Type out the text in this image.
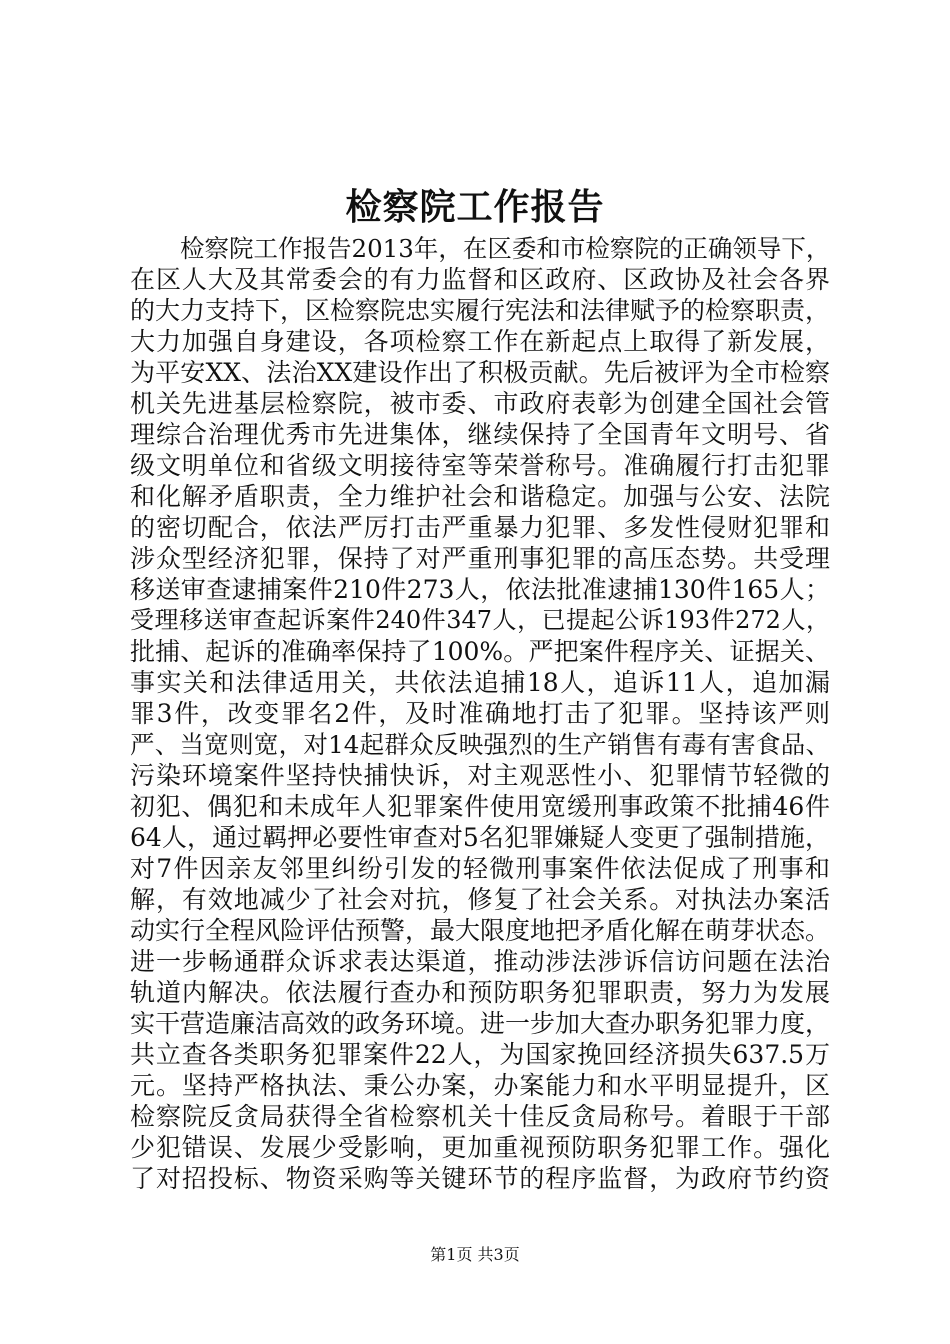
检察院工作报告
检察院工作报告2013年，在区委和市检察院的正确领导下，
在区人大及其常委会的有力监督和区政府、区政协及社会各界
的大力支持下，区检察院忠实履行宪法和法律赋予的检察职责，
大力加强自身建设，各项检察工作在新起点上取得了新发展，
为平安XX、法治XX建设作出了积极贡献。先后被评为全市检察
机关先进基层检察院，被市委、市政府表彰为创建全国社会管
理综合治理优秀市先进集体，继续保持了全国青年文明号、省
级文明单位和省级文明接待室等荣誉称号。准确履行打击犯罪
和化解矛盾职责，全力维护社会和谐稳定。加强与公安、法院
的密切配合，依法严厉打击严重暴力犯罪、多发性侵财犯罪和
涉众型经济犯罪，保持了对严重刑事犯罪的高压态势。共受理
移送审查逮捕案件210件273人，依法批准逮捕130件165人；
受理移送审查起诉案件240件347人，已提起公诉193件272人，
批捕、起诉的准确率保持了100%。严把案件程序关、证据关、
事实关和法律适用关，共依法追捕18人，追诉11人，追加漏
罪3件，改变罪名2件，及时准确地打击了犯罪。坚持该严则
严、当宽则宽，对14起群众反映强烈的生产销售有毒有害食品、
污染环境案件坚持快捕快诉，对主观恶性小、犯罪情节轻微的
初犯、偶犯和未成年人犯罪案件使用宽缓刑事政策不批捕46件
64人，通过羁押必要性审查对5名犯罪嫌疑人变更了强制措施，
对7件因亲友邻里纠纷引发的轻微刑事案件依法促成了刑事和
解，有效地减少了社会对抗，修复了社会关系。对执法办案活
动实行全程风险评估预警，最大限度地把矛盾化解在萌芽状态。
进一步畅通群众诉求表达渠道，推动涉法涉诉信访问题在法治
轨道内解决。依法履行查办和预防职务犯罪职责，努力为发展
实干营造廉洁高效的政务环境。进一步加大查办职务犯罪力度，
共立查各类职务犯罪案件22人，为国家挽回经济损失637.5万
元。坚持严格执法、秉公办案，办案能力和水平明显提升，区
检察院反贪局获得全省检察机关十佳反贪局称号。着眼于干部
少犯错误、发展少受影响，更加重视预防职务犯罪工作。强化
了对招投标、物资采购等关键环节的程序监督，为政府节约资
第1页 共3页
